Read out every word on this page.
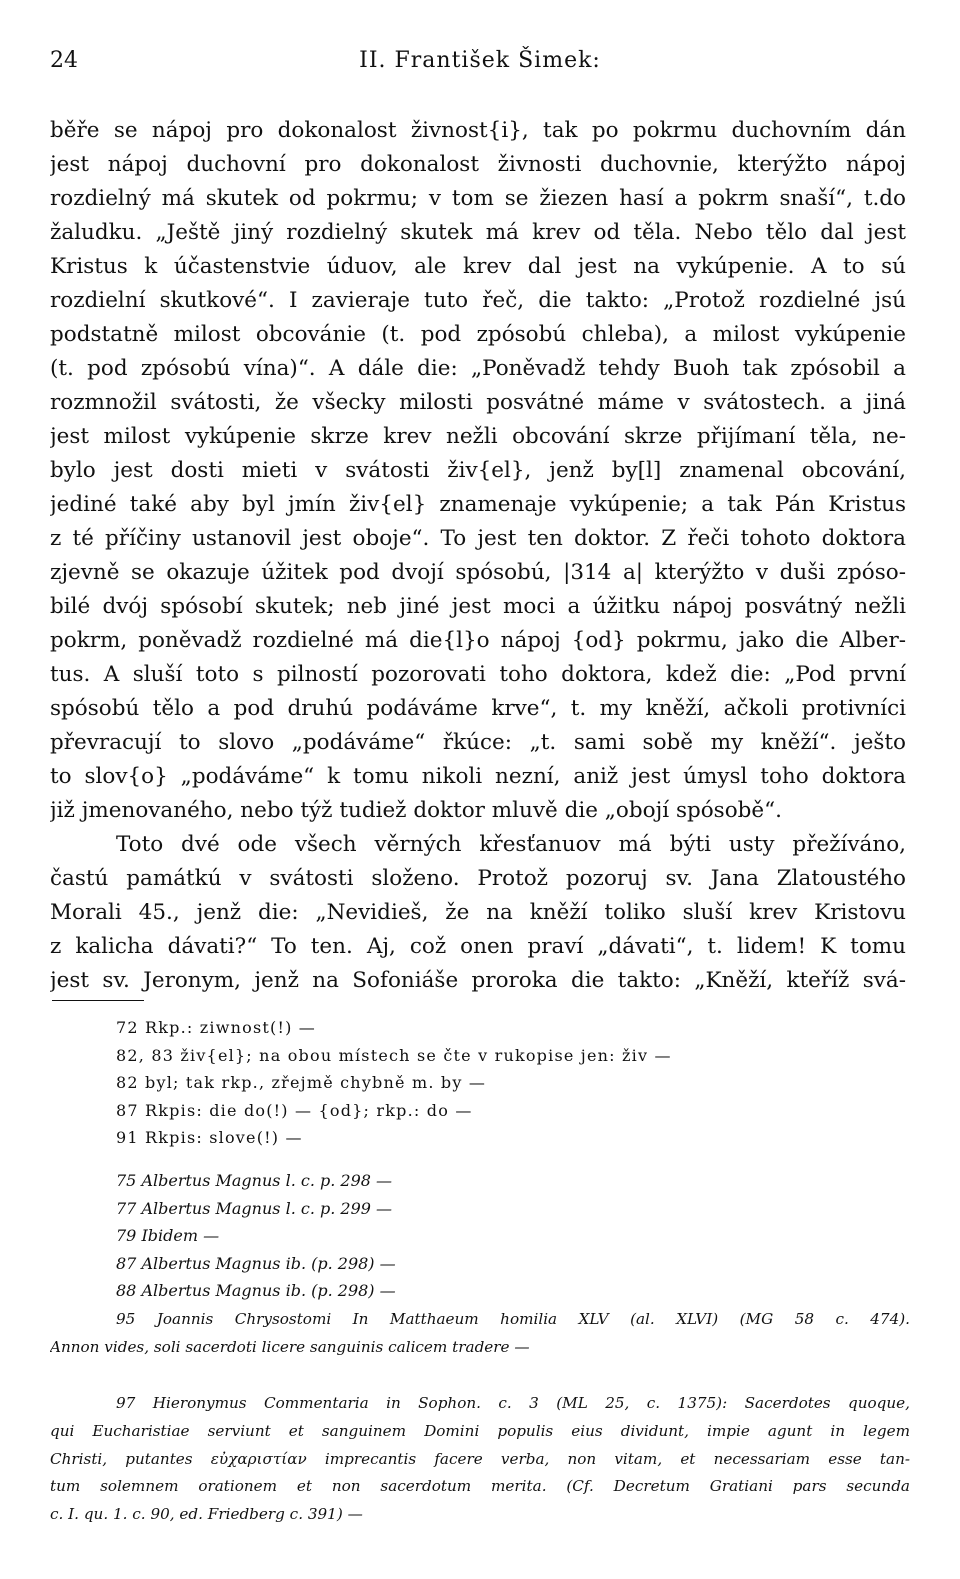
24	II. František Šimek:
běře se nápoj pro dokonalost živnost{i}, tak po pokrmu duchovním dán
jest nápoj duchovní pro dokonalost živnosti duchovnie, kterýžto nápoj
rozdielný má skutek od pokrmu; v tom se žiezen hasí a pokrm snaší“, t.do
žaludku. „Ještě jiný rozdielný skutek má krev od těla. Nebo tělo dal jest
Kristus k účastenstvie úduov, ale krev dal jest na vykúpenie. A to sú
rozdielní skutkové“. I zavieraje tuto řeč, die takto: „Protož rozdielné jsú
podstatně milost obcovánie (t. pod zpósobú chleba), a milost vykúpenie
(t. pod zpósobú vína)“. A dále die: „Poněvadž tehdy Buoh tak zpósobil a
rozmnožil svátosti, že všecky milosti posvátné máme v svátostech. a jiná
jest milost vykúpenie skrze krev nežli obcování skrze přijímaní těla, ne-
bylo jest dosti mieti v svátosti živ{el}, jenž by[l] znamenal obcování,
jediné také aby byl jmín živ{el} znamenaje vykúpenie; a tak Pán Kristus
z té příčiny ustanovil jest oboje“. To jest ten doktor. Z řeči tohoto doktora
zjevně se okazuje úžitek pod dvojí spósobú, |314 a| kterýžto v duši zpóso-
bilé dvój spósobí skutek; neb jiné jest moci a úžitku nápoj posvátný nežli
pokrm, poněvadž rozdielné má die{l}o nápoj {od} pokrmu, jako die Alber-
tus. A sluší toto s pilností pozorovati toho doktora, kdež die: „Pod první
spósobú tělo a pod druhú podáváme krve“, t. my kněží, ačkoli protivníci
převracují to slovo „podáváme“ řkúce: „t. sami sobě my kněží“. ješto
to slov{o} „podáváme“ k tomu nikoli nezní, aniž jest úmysl toho doktora
již jmenovaného, nebo týž tudiež doktor mluvě die „obojí spósobě“.
Toto dvé ode všech věrných křesťanuov má býti usty přežíváno,
častú památkú v svátosti složeno. Protož pozoruj sv. Jana Zlatoustého
Morali 45., jenž die: „Nevidieš, že na kněží toliko sluší krev Kristovu
z kalicha dávati?“ To ten. Aj, což onen praví „dávati“, t. lidem! K tomu
jest sv. Jeronym, jenž na Sofoniáše proroka die takto: „Kněží, kteříž svá-
72 Rkp.: ziwnost(!) —
82, 83 živ{el}; na obou místech se čte v rukopise jen: živ —
82 byl; tak rkp., zřejmě chybně m. by —
87 Rkpis: die do(!) — {od}; rkp.: do —
91 Rkpis: slove(!) —
75 Albertus Magnus l. c. p. 298 —
77 Albertus Magnus l. c. p. 299 —
79 Ibidem —
87 Albertus Magnus ib. (p. 298) —
88 Albertus Magnus ib. (p. 298) —
95 Joannis Chrysostomi In Matthaeum homilia XLV (al. XLVI) (MG 58 c. 474).
Annon vides, soli sacerdoti licere sanguinis calicem tradere —
97 Hieronymus Commentaria in Sophon. c. 3 (ML 25, c. 1375): Sacerdotes quoque,
qui Eucharistiae serviunt et sanguinem Domini populis eius dividunt, impie agunt in legem
Christi, putantes εὐχαριστίαν imprecantis facere verba, non vitam, et necessariam esse tan-
tum solemnem orationem et non sacerdotum merita. (Cf. Decretum Gratiani pars secunda
c. I. qu. 1. c. 90, ed. Friedberg c. 391) —
